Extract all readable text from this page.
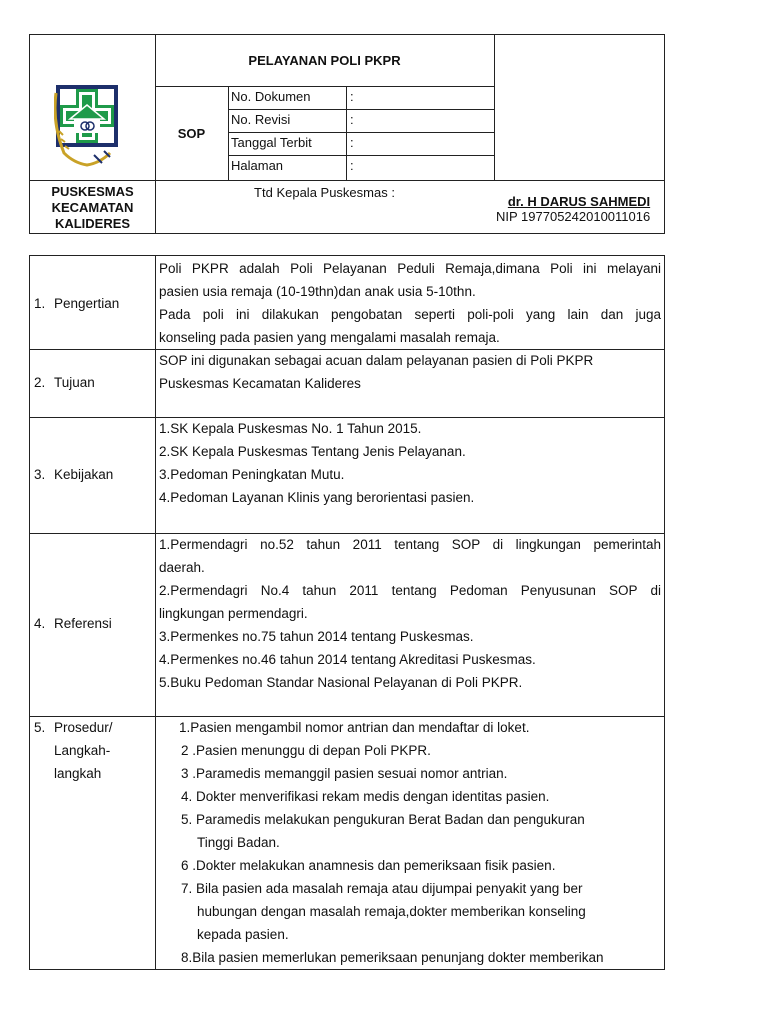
PELAYANAN POLI PKPR
SOP
No. Dokumen	:
No. Revisi	:
Tanggal Terbit	:
Halaman	:
PUSKESMAS
KECAMATAN
KALIDERES
Ttd Kepala Puskesmas :
dr. H DARUS SAHMEDI
NIP 197705242010011016
1. Pengertian
Poli PKPR adalah Poli Pelayanan Peduli Remaja,dimana Poli ini melayani
pasien usia remaja (10-19thn)dan anak usia 5-10thn.
Pada poli ini dilakukan pengobatan seperti poli-poli yang lain dan juga
konseling pada pasien yang mengalami masalah remaja.
2. Tujuan
SOP ini digunakan sebagai acuan dalam pelayanan pasien di Poli PKPR
Puskesmas Kecamatan Kalideres
3. Kebijakan
1.SK Kepala Puskesmas No. 1 Tahun 2015.
2.SK Kepala Puskesmas Tentang Jenis Pelayanan.
3.Pedoman Peningkatan Mutu.
4.Pedoman Layanan Klinis yang berorientasi pasien.
4. Referensi
1.Permendagri no.52 tahun 2011 tentang SOP di lingkungan pemerintah
daerah.
2.Permendagri No.4 tahun 2011 tentang Pedoman Penyusunan SOP di
lingkungan permendagri.
3.Permenkes no.75 tahun 2014 tentang Puskesmas.
4.Permenkes no.46 tahun 2014 tentang Akreditasi Puskesmas.
5.Buku Pedoman Standar Nasional Pelayanan di Poli PKPR.
5. Prosedur/
Langkah-
langkah
1.Pasien mengambil nomor antrian dan mendaftar di loket.
2 .Pasien menunggu di depan Poli PKPR.
3 .Paramedis memanggil pasien sesuai nomor antrian.
4. Dokter menverifikasi rekam medis dengan identitas pasien.
5. Paramedis melakukan pengukuran Berat Badan dan pengukuran
Tinggi Badan.
6 .Dokter melakukan anamnesis dan pemeriksaan fisik pasien.
7. Bila pasien ada masalah remaja atau dijumpai penyakit yang ber
hubungan dengan masalah remaja,dokter memberikan konseling
kepada pasien.
8.Bila pasien memerlukan pemeriksaan penunjang dokter memberikan
